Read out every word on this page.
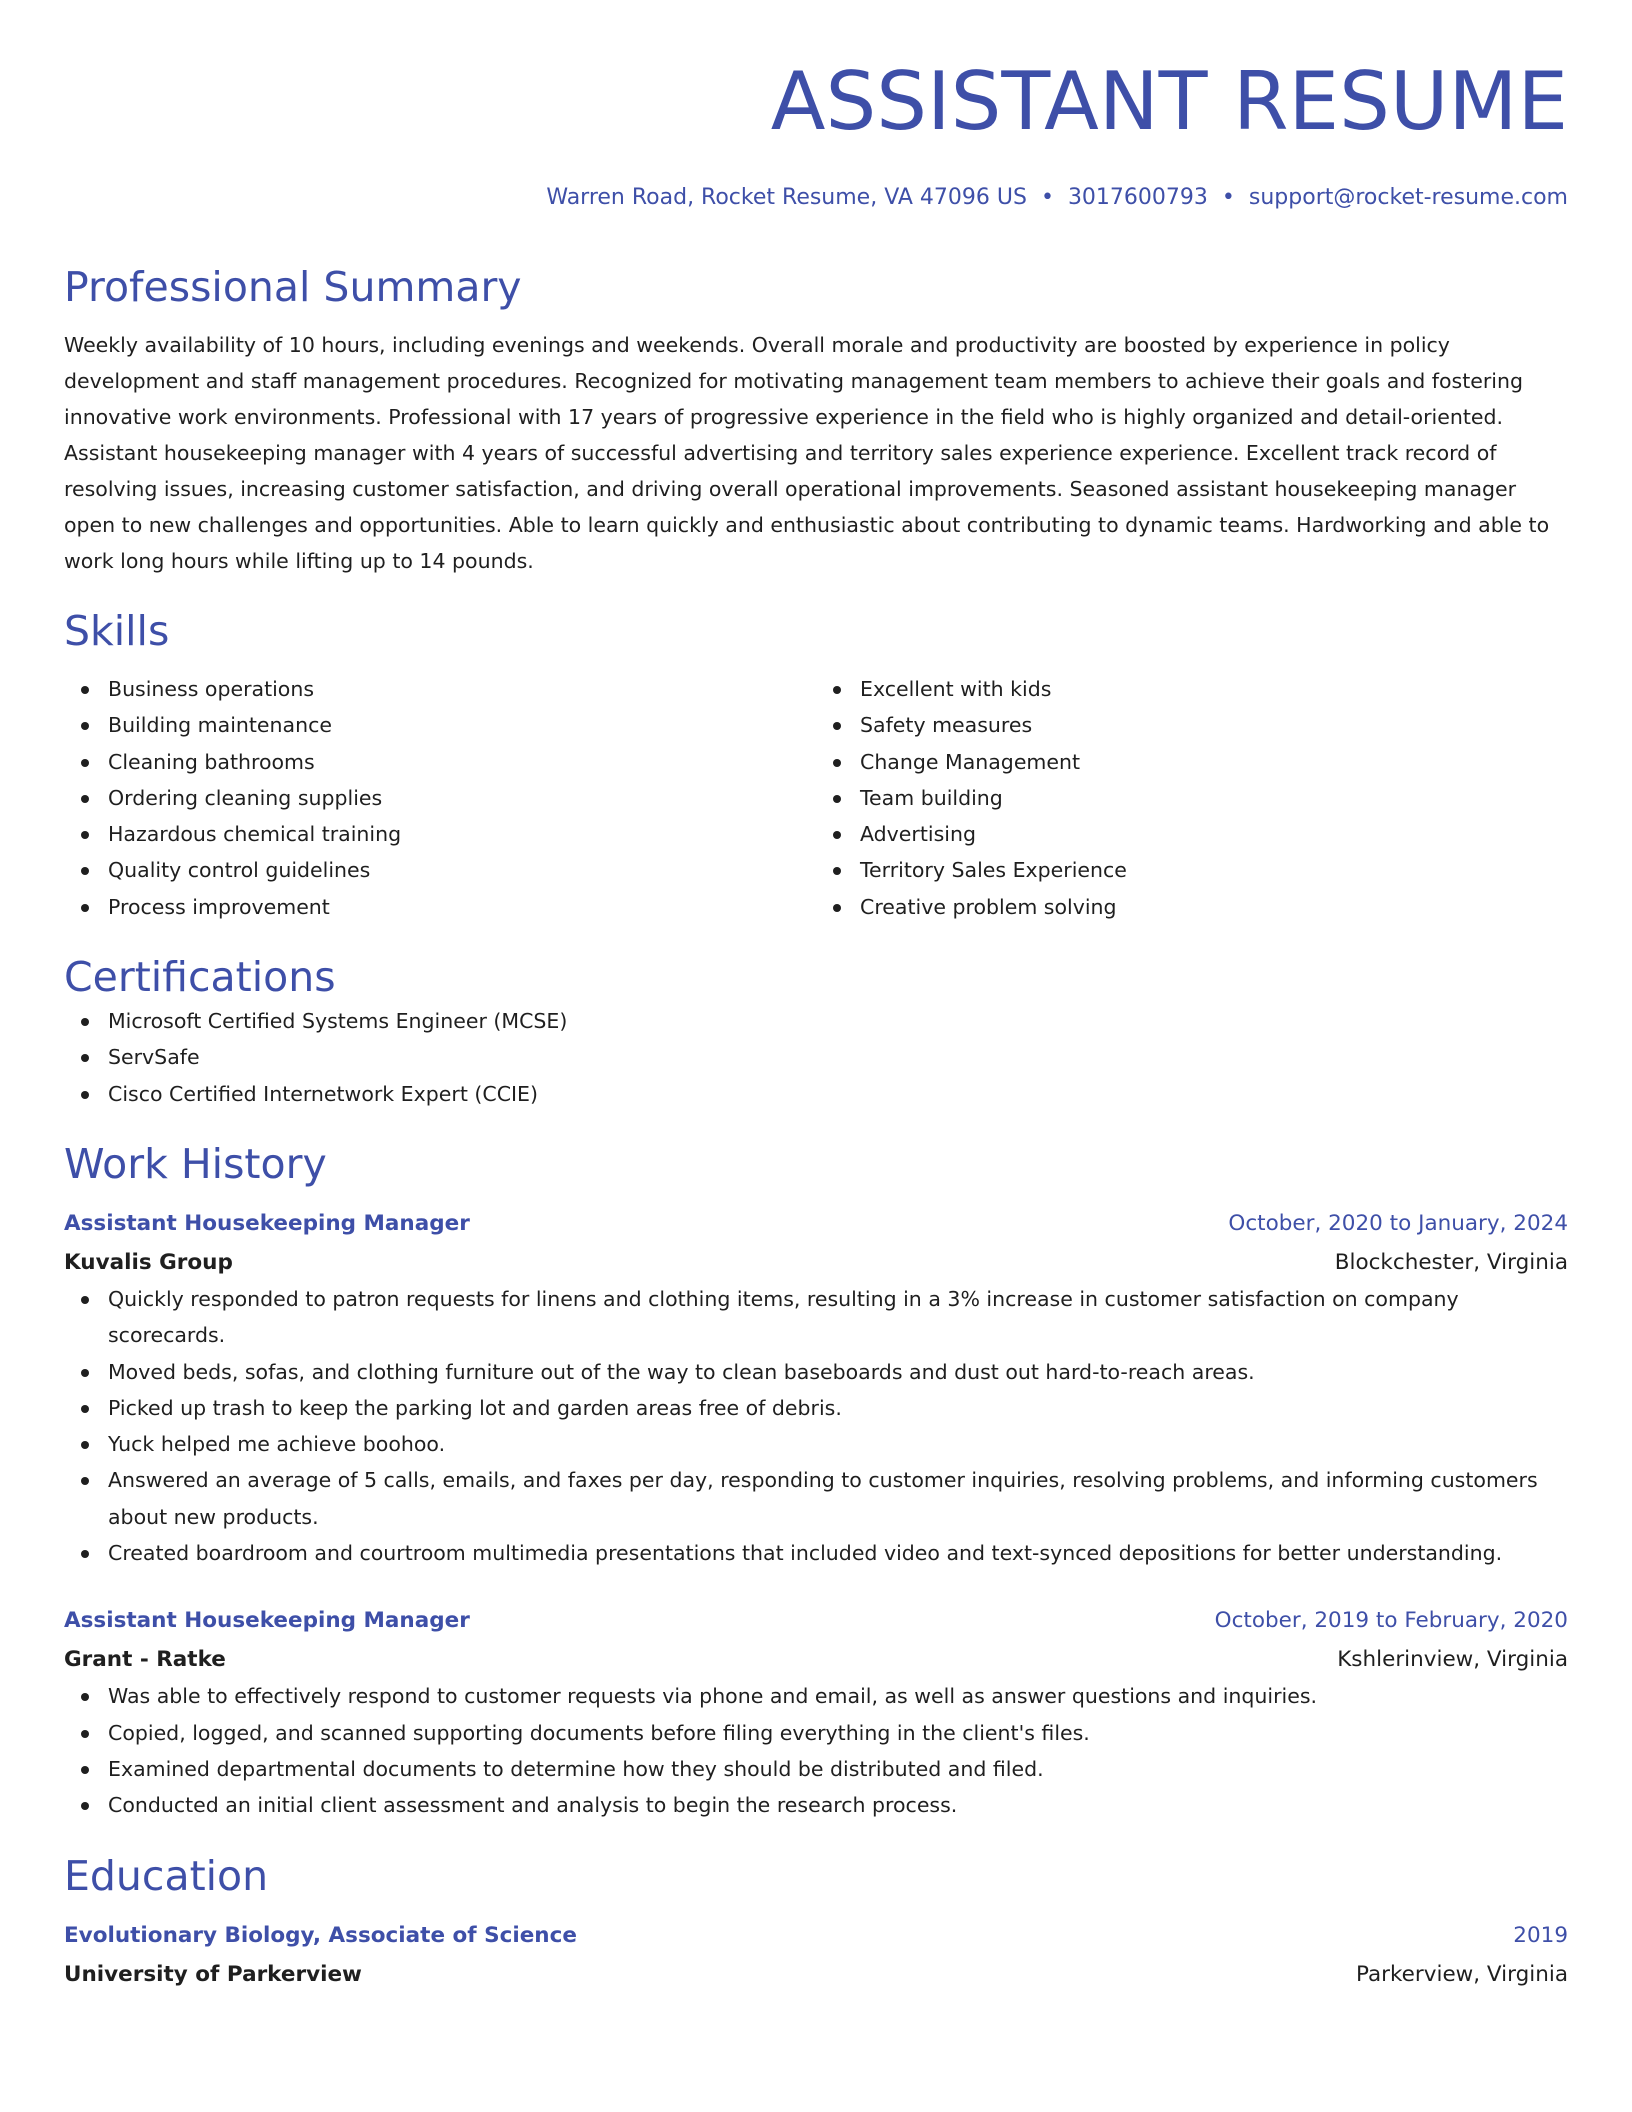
ASSISTANT RESUME
Warren Road, Rocket Resume, VA 47096 US • 3017600793 • support@rocket-resume.com
Professional Summary
Weekly availability of 10 hours, including evenings and weekends. Overall morale and productivity are boosted by experience in policy development and staff management procedures. Recognized for motivating management team members to achieve their goals and fostering innovative work environments. Professional with 17 years of progressive experience in the field who is highly organized and detail-oriented. Assistant housekeeping manager with 4 years of successful advertising and territory sales experience experience. Excellent track record of resolving issues, increasing customer satisfaction, and driving overall operational improvements. Seasoned assistant housekeeping manager open to new challenges and opportunities. Able to learn quickly and enthusiastic about contributing to dynamic teams. Hardworking and able to work long hours while lifting up to 14 pounds.
Skills
Business operations
Building maintenance
Cleaning bathrooms
Ordering cleaning supplies
Hazardous chemical training
Quality control guidelines
Process improvement
Excellent with kids
Safety measures
Change Management
Team building
Advertising
Territory Sales Experience
Creative problem solving
Certifications
Microsoft Certified Systems Engineer (MCSE)
ServSafe
Cisco Certified Internetwork Expert (CCIE)
Work History
Assistant Housekeeping Manager	October, 2020 to January, 2024
Kuvalis Group	Blockchester, Virginia
Quickly responded to patron requests for linens and clothing items, resulting in a 3% increase in customer satisfaction on company scorecards.
Moved beds, sofas, and clothing furniture out of the way to clean baseboards and dust out hard-to-reach areas.
Picked up trash to keep the parking lot and garden areas free of debris.
Yuck helped me achieve boohoo.
Answered an average of 5 calls, emails, and faxes per day, responding to customer inquiries, resolving problems, and informing customers about new products.
Created boardroom and courtroom multimedia presentations that included video and text-synced depositions for better understanding.
Assistant Housekeeping Manager	October, 2019 to February, 2020
Grant - Ratke	Kshlerinview, Virginia
Was able to effectively respond to customer requests via phone and email, as well as answer questions and inquiries.
Copied, logged, and scanned supporting documents before filing everything in the client's files.
Examined departmental documents to determine how they should be distributed and filed.
Conducted an initial client assessment and analysis to begin the research process.
Education
Evolutionary Biology, Associate of Science	2019
University of Parkerview	Parkerview, Virginia
